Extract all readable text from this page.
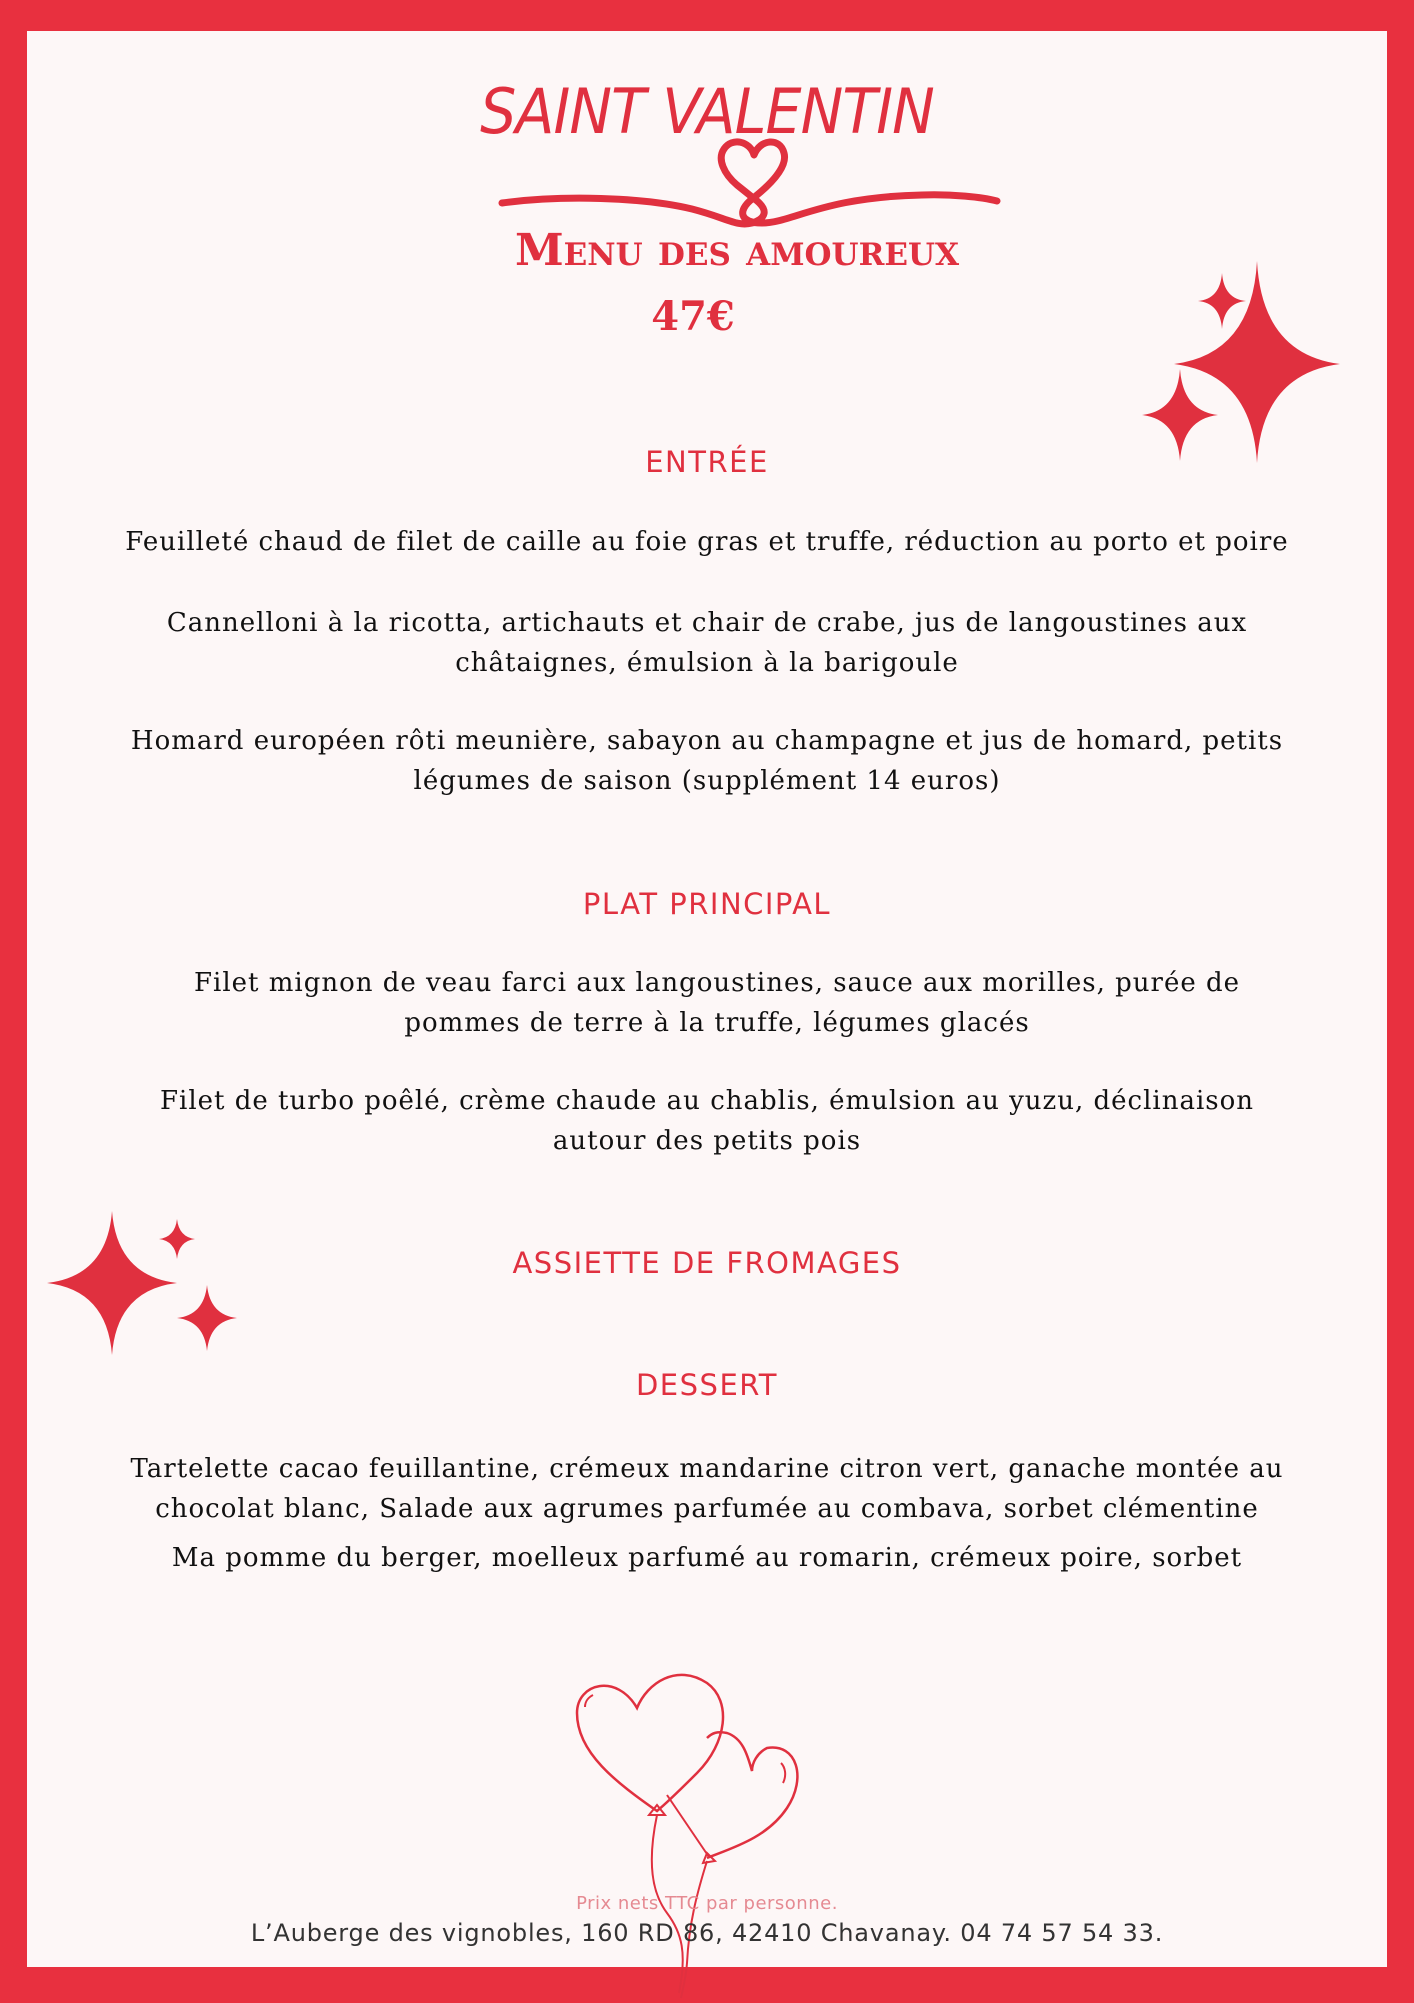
SAINT VALENTIN
Menu des amoureux
47€
ENTRÉE
Feuilleté chaud de filet de caille au foie gras et truffe, réduction au porto et poire
Cannelloni à la ricotta, artichauts et chair de crabe, jus de langoustines aux châtaignes, émulsion à la barigoule
Homard européen rôti meunière, sabayon au champagne et jus de homard, petits légumes de saison (supplément 14 euros)
PLAT PRINCIPAL
Filet mignon de veau farci aux langoustines, sauce aux morilles, purée de pommes de terre à la truffe, légumes glacés
Filet de turbo poêlé, crème chaude au chablis, émulsion au yuzu, déclinaison autour des petits pois
ASSIETTE DE FROMAGES
DESSERT
Tartelette cacao feuillantine, crémeux mandarine citron vert, ganache montée au chocolat blanc, Salade aux agrumes parfumée au combava, sorbet clémentine
Ma pomme du berger, moelleux parfumé au romarin, crémeux poire, sorbet
Prix nets TTC par personne.
L’Auberge des vignobles, 160 RD 86, 42410 Chavanay. 04 74 57 54 33.
